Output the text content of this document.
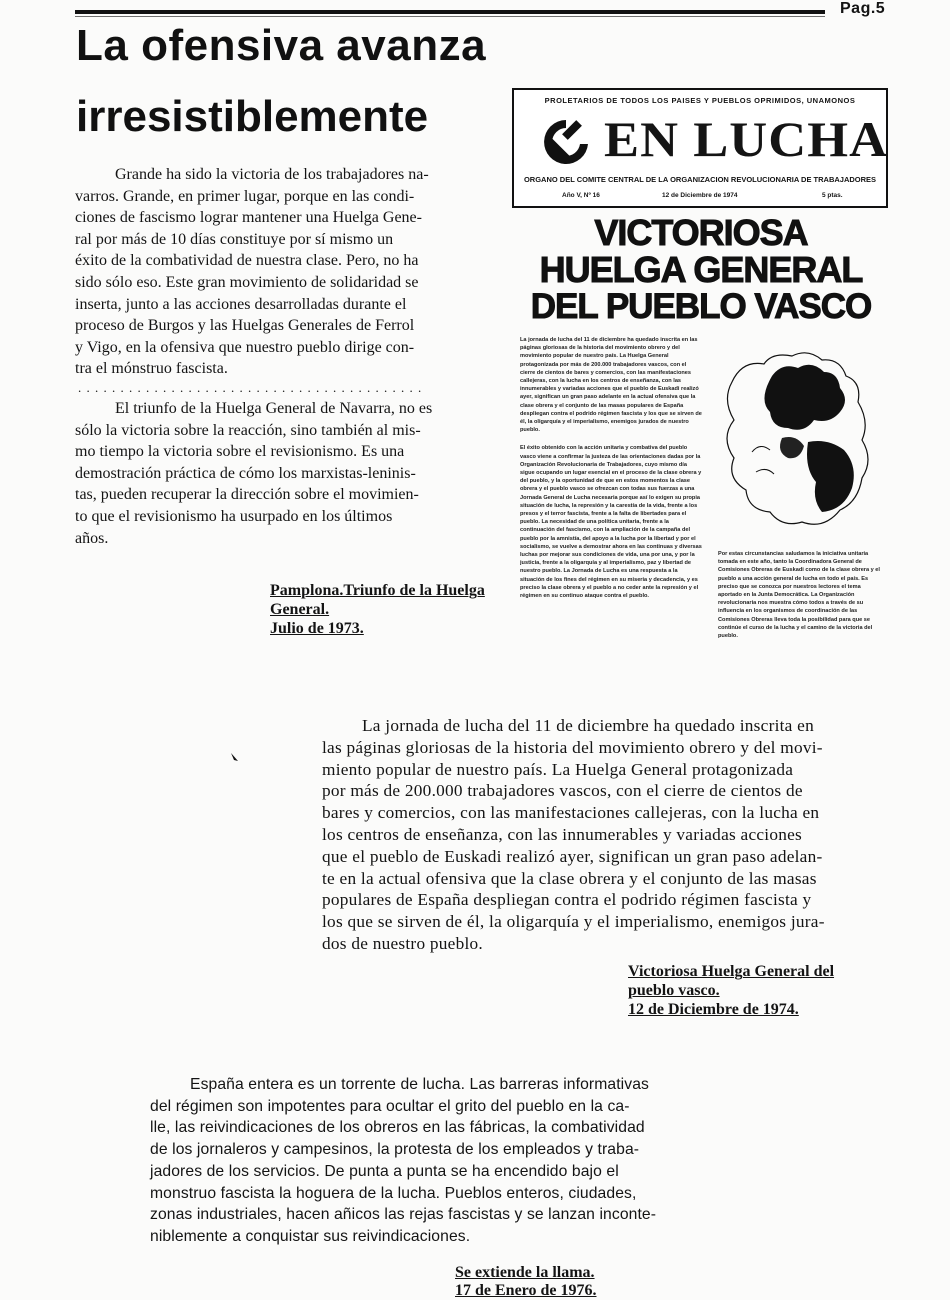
Pag.5
La ofensiva avanza
irresistiblemente
Grande ha sido la victoria de los trabajadores na-
varros. Grande, en primer lugar, porque en las condi-
ciones de fascismo lograr mantener una Huelga Gene-
ral por más de 10 días constituye por sí mismo un
éxito de la combatividad de nuestra clase. Pero, no ha
sido sólo eso. Este gran movimiento de solidaridad se
inserta, junto a las acciones desarrolladas durante el
proceso de Burgos y las Huelgas Generales de Ferrol
y Vigo, en la ofensiva que nuestro pueblo dirige con-
tra el mónstruo fascista.
. . . . . . . . . . . . . . . . . . . . . . . . . . . . . . . . . . . . . . . . .
El triunfo de la Huelga General de Navarra, no es
sólo la victoria sobre la reacción, sino también al mis-
mo tiempo la victoria sobre el revisionismo. Es una
demostración práctica de cómo los marxistas-leninis-
tas, pueden recuperar la dirección sobre el movimien-
to que el revisionismo ha usurpado en los últimos
años.
Pamplona.Triunfo de la Huelga
General.
Julio de 1973.
PROLETARIOS DE TODOS LOS PAISES Y PUEBLOS OPRIMIDOS, UNAMONOS
EN LUCHA
ORGANO DEL COMITE CENTRAL DE LA ORGANIZACION REVOLUCIONARIA DE TRABAJADORES
Año V, Nº 16	12 de Diciembre de 1974	5 ptas.
VICTORIOSA
HUELGA GENERAL
DEL PUEBLO VASCO
La jornada de lucha del 11 de diciembre ha quedado inscrita en las páginas gloriosas de la historia del movimiento obrero y del movimiento popular de nuestro país. La Huelga General protagonizada por más de 200.000 trabajadores vascos, con el cierre de cientos de bares y comercios, con las manifestaciones callejeras, con la lucha en los centros de enseñanza, con las innumerables y variadas acciones que el pueblo de Euskadi realizó ayer, significan un gran paso adelante en la actual ofensiva que la clase obrera y el conjunto de las masas populares de España despliegan contra el podrido régimen fascista y los que se sirven de él, la oligarquía y el imperialismo, enemigos jurados de nuestro pueblo.
El éxito obtenido con la acción unitaria y combativa del pueblo vasco viene a confirmar la justeza de las orientaciones dadas por la Organización Revolucionaria de Trabajadores, cuyo mismo día sigue ocupando un lugar esencial en el proceso de la clase obrera y del pueblo, y la oportunidad de que en estos momentos la clase obrera y el pueblo vasco se ofrezcan con todas sus fuerzas a una Jornada General de Lucha necesaria porque así lo exigen su propia situación de lucha, la represión y la carestía de la vida, frente a los presos y el terror fascista, frente a la falta de libertades para el pueblo. La necesidad de una política unitaria, frente a la continuación del fascismo, con la ampliación de la campaña del pueblo por la amnistía, del apoyo a la lucha por la libertad y por el socialismo, se vuelve a demostrar ahora en las continuas y diversas luchas por mejorar sus condiciones de vida, una por una, y por la justicia, frente a la oligarquía y al imperialismo, paz y libertad de nuestro pueblo. La Jornada de Lucha es una respuesta a la situación de los fines del régimen en su miseria y decadencia, y es preciso la clase obrera y el pueblo a no ceder ante la represión y el régimen en su continuo ataque contra el pueblo.
Por estas circunstancias saludamos la iniciativa unitaria tomada en este año, tanto la Coordinadora General de Comisiones Obreras de Euskadi como de la clase obrera y el pueblo a una acción general de lucha en todo el país. Es preciso que se conozca por nuestros lectores el tema aportado en la Junta Democrática. La Organización revolucionaria nos muestra cómo todos a través de su influencia en los organismos de coordinación de las Comisiones Obreras lleva toda la posibilidad para que se continúe el curso de la lucha y el camino de la victoria del pueblo.
La jornada de lucha del 11 de diciembre ha quedado inscrita en
las páginas gloriosas de la historia del movimiento obrero y del movi-
miento popular de nuestro país. La Huelga General protagonizada
por más de 200.000 trabajadores vascos, con el cierre de cientos de
bares y comercios, con las manifestaciones callejeras, con la lucha en
los centros de enseñanza, con las innumerables y variadas acciones
que el pueblo de Euskadi realizó ayer, significan un gran paso adelan-
te en la actual ofensiva que la clase obrera y el conjunto de las masas
populares de España despliegan contra el podrido régimen fascista y
los que se sirven de él, la oligarquía y el imperialismo, enemigos jura-
dos de nuestro pueblo.
Victoriosa Huelga General del
pueblo vasco.
12 de Diciembre de 1974.
España entera es un torrente de lucha. Las barreras informativas
del régimen son impotentes para ocultar el grito del pueblo en la ca-
lle, las reivindicaciones de los obreros en las fábricas, la combatividad
de los jornaleros y campesinos, la protesta de los empleados y traba-
jadores de los servicios. De punta a punta se ha encendido bajo el
monstruo fascista la hoguera de la lucha. Pueblos enteros, ciudades,
zonas industriales, hacen añicos las rejas fascistas y se lanzan inconte-
niblemente a conquistar sus reivindicaciones.
Se extiende la llama.
17 de Enero de 1976.
